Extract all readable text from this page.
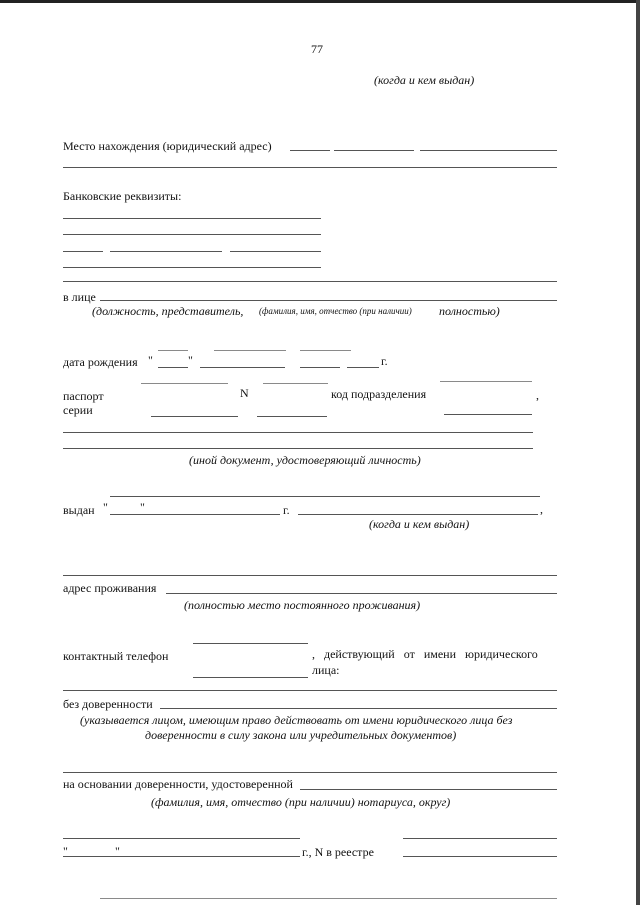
77
(когда и кем выдан)
Место нахождения (юридический адрес)
Банковские реквизиты:
в лице
(должность, представитель, (фамилия, имя, отчество (при наличии) полностью)
дата рождения "	"	г.
паспорт
серии
N	код подразделения	,
(иной документ, удостоверяющий личность)
выдан "	"	г.	,
(когда и кем выдан)
адрес проживания
(полностью место постоянного проживания)
контактный телефон	, действующий от имени юридического
лица:
без доверенности
(указывается лицом, имеющим право действовать от имени юридического лица без
доверенности в силу закона или учредительных документов)
на основании доверенности, удостоверенной
(фамилия, имя, отчество (при наличии) нотариуса, округ)
"	"	г., N в реестре
